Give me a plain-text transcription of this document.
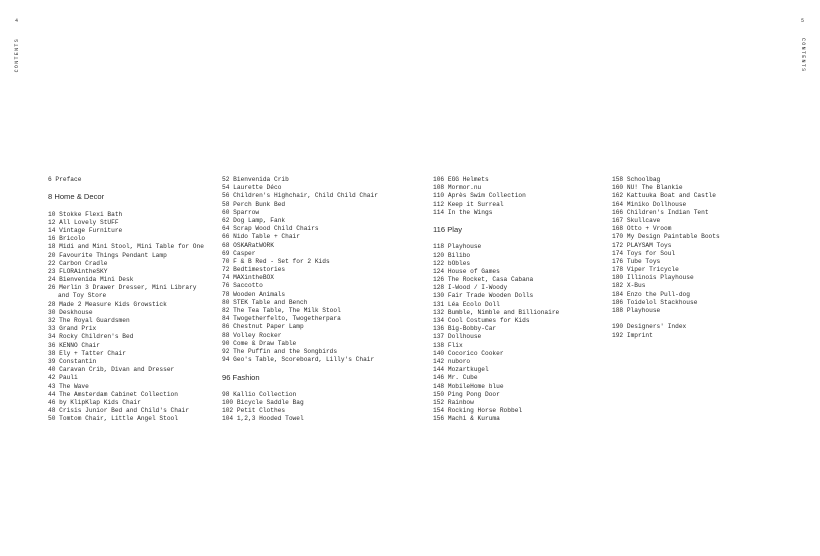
4
CONTENTS
5
CONTENTS
6 Preface
8 Home & Decor
10 Stokke Flexi Bath
12 All Lovely StUFF
14 Vintage Furniture
16 Bricolo
18 Midi and Mini Stool, Mini Table for One
20 Favourite Things Pendant Lamp
22 Carbon Cradle
23 FLORAintheSKY
24 Bienvenida Mini Desk
26 Merlin 3 Drawer Dresser, Mini Library
and Toy Store
28 Made 2 Measure Kids Growstick
30 Deskhouse
32 The Royal Guardsmen
33 Grand Prix
34 Rocky Children's Bed
36 KENNO Chair
38 Ely + Tatter Chair
39 Constantin
40 Caravan Crib, Divan and Dresser
42 Pauli
43 The Wave
44 The Amsterdam Cabinet Collection
46 by KlipKlap Kids Chair
48 Crisis Junior Bed and Child's Chair
50 Tomtom Chair, Little Angel Stool
52 Bienvenida Crib
54 Laurette Déco
56 Children's Highchair, Child Child Chair
58 Perch Bunk Bed
60 Sparrow
62 Dog Lamp, Fank
64 Scrap Wood Child Chairs
66 Nido Table + Chair
68 OSKARatWORK
69 Casper
70 F & B Red - Set for 2 Kids
72 Bedtimestories
74 MAXintheBOX
76 Saccotto
78 Wooden Animals
80 STEK Table and Bench
82 The Tea Table, The Milk Stool
84 Twogetherfelto, Twogetherpara
86 Chestnut Paper Lamp
88 Volley Rocker
90 Come & Draw Table
92 The Puffin and the Songbirds
94 Geo's Table, Scoreboard, Lilly's Chair
96 Fashion
98 Kallio Collection
100 Bicycle Saddle Bag
102 Petit Clothes
104 1,2,3 Hooded Towel
106 EGG Helmets
108 Mormor.nu
110 Après Swim Collection
112 Keep it Surreal
114 In the Wings
116 Play
118 Playhouse
120 Bilibo
122 bObles
124 House of Games
126 The Rocket, Casa Cabana
128 I-Wood / I-Woody
130 Fair Trade Wooden Dolls
131 Léa Ecolo Doll
132 Bumble, Nimble and Billionaire
134 Cool Costumes for Kids
136 Big-Bobby-Car
137 Dollhouse
138 Flix
140 Cocorico Cooker
142 nuboro
144 Mozartkugel
146 Mr. Cube
148 MobileHome blue
150 Ping Pong Door
152 Rainbow
154 Rocking Horse Robbel
156 Machi & Kuruma
158 Schoolbag
160 NU! The Blankie
162 Kattuuka Boat and Castle
164 Miniko Dollhouse
166 Children's Indian Tent
167 Skullcave
168 Otto + Vroom
170 My Design Paintable Boots
172 PLAYSAM Toys
174 Toys for Soul
176 Tube Toys
178 Viper Tricycle
180 Illinois Playhouse
182 X-Bus
184 Enzo the Pull-dog
186 Toidelol Stackhouse
188 Playhouse
190 Designers' Index
192 Imprint
